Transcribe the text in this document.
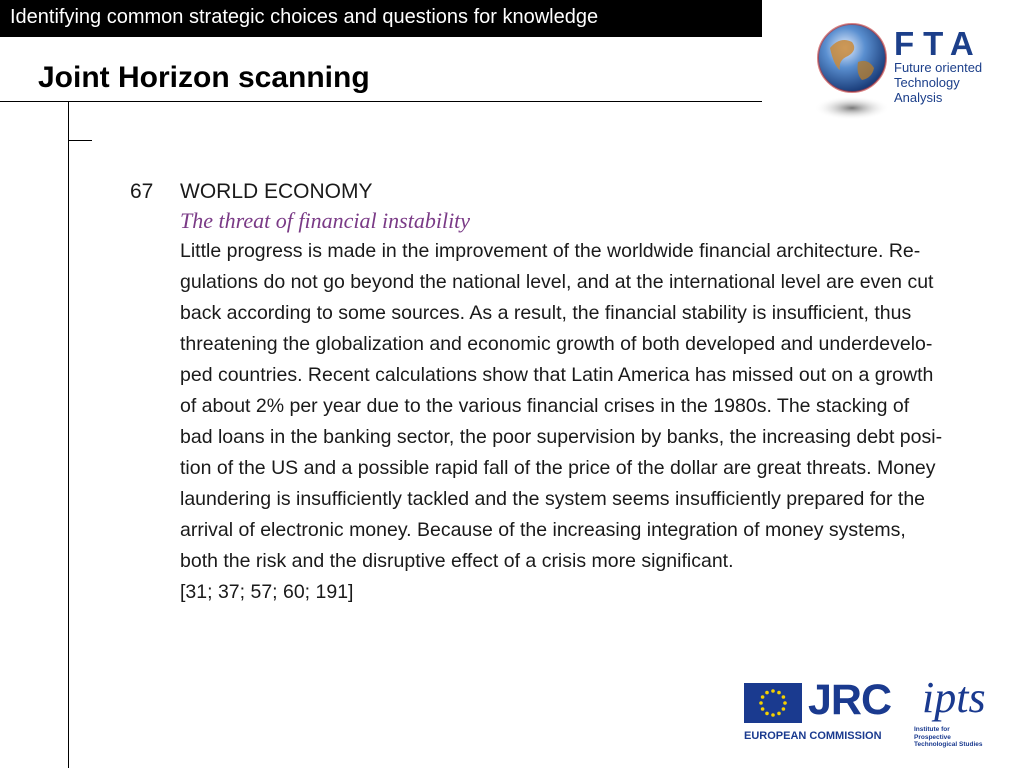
Identifying common strategic choices and questions for knowledge
Joint Horizon scanning
FTA
Future oriented
Technology
Analysis
67 WORLD ECONOMY
The threat of financial instability
Little progress is made in the improvement of the worldwide financial architecture. Re-
gulations do not go beyond the national level, and at the international level are even cut
back according to some sources. As a result, the financial stability is insufficient, thus
threatening the globalization and economic growth of both developed and underdevelo-
ped countries. Recent calculations show that Latin America has missed out on a growth
of about 2% per year due to the various financial crises in the 1980s. The stacking of
bad loans in the banking sector, the poor supervision by banks, the increasing debt posi-
tion of the US and a possible rapid fall of the price of the dollar are great threats. Money
laundering is insufficiently tackled and the system seems insufficiently prepared for the
arrival of electronic money. Because of the increasing integration of money systems,
both the risk and the disruptive effect of a crisis more significant.
[31; 37; 57; 60; 191]
JRC
EUROPEAN COMMISSION
ipts
Institute for
Prospective
Technological Studies
